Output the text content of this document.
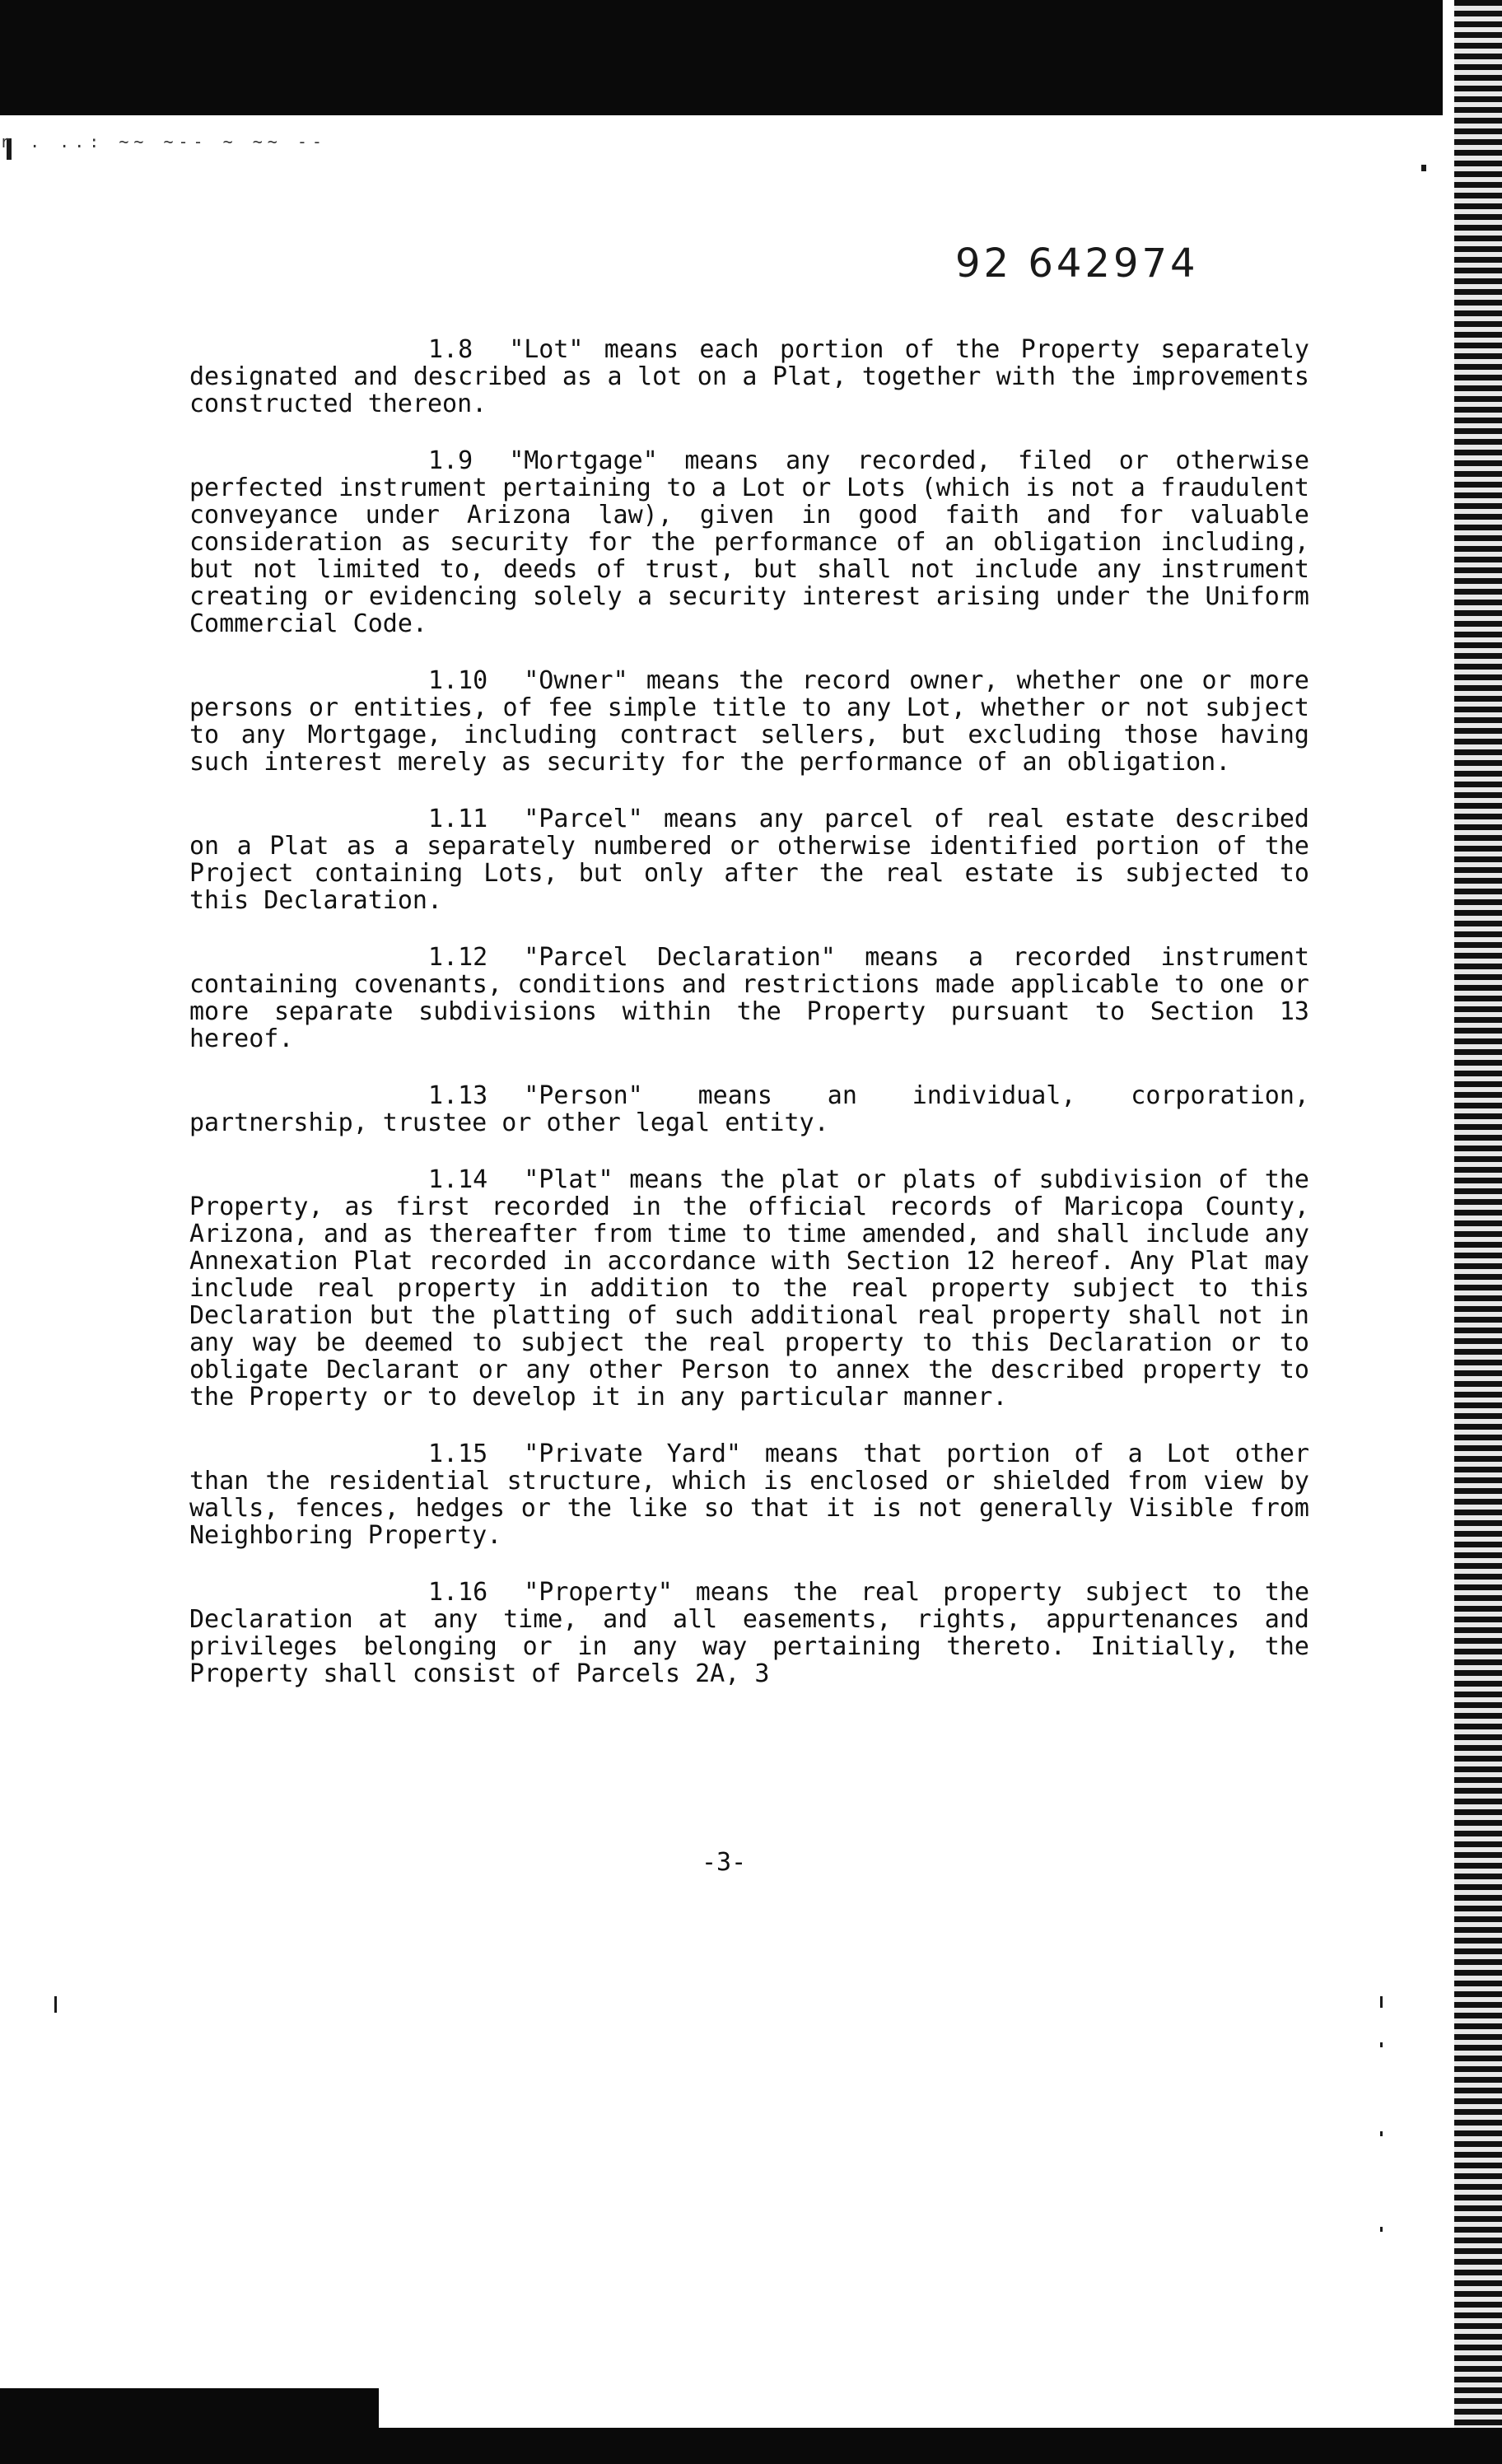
r . ..: ~~ ~-- ~ ~~ --
92 642974
1.8 "Lot" means each portion of the Property separately designated and described as a lot on a Plat, together with the improvements constructed thereon.
1.9 "Mortgage" means any recorded, filed or otherwise perfected instrument pertaining to a Lot or Lots (which is not a fraudulent conveyance under Arizona law), given in good faith and for valuable consideration as security for the performance of an obligation including, but not limited to, deeds of trust, but shall not include any instrument creating or evidencing solely a security interest arising under the Uniform Commercial Code.
1.10 "Owner" means the record owner, whether one or more persons or entities, of fee simple title to any Lot, whether or not subject to any Mortgage, including contract sellers, but excluding those having such interest merely as security for the performance of an obligation.
1.11 "Parcel" means any parcel of real estate described on a Plat as a separately numbered or otherwise identified portion of the Project containing Lots, but only after the real estate is subjected to this Declaration.
1.12 "Parcel Declaration" means a recorded instrument containing covenants, conditions and restrictions made applicable to one or more separate subdivisions within the Property pursuant to Section 13 hereof.
1.13 "Person" means an individual, corporation, partnership, trustee or other legal entity.
1.14 "Plat" means the plat or plats of subdivision of the Property, as first recorded in the official records of Maricopa County, Arizona, and as thereafter from time to time amended, and shall include any Annexation Plat recorded in accordance with Section 12 hereof. Any Plat may include real property in addition to the real property subject to this Declaration but the platting of such additional real property shall not in any way be deemed to subject the real property to this Declaration or to obligate Declarant or any other Person to annex the described property to the Property or to develop it in any particular manner.
1.15 "Private Yard" means that portion of a Lot other than the residential structure, which is enclosed or shielded from view by walls, fences, hedges or the like so that it is not generally Visible from Neighboring Property.
1.16 "Property" means the real property subject to the Declaration at any time, and all easements, rights, appurtenances and privileges belonging or in any way pertaining thereto. Initially, the Property shall consist of Parcels 2A, 3
-3-
